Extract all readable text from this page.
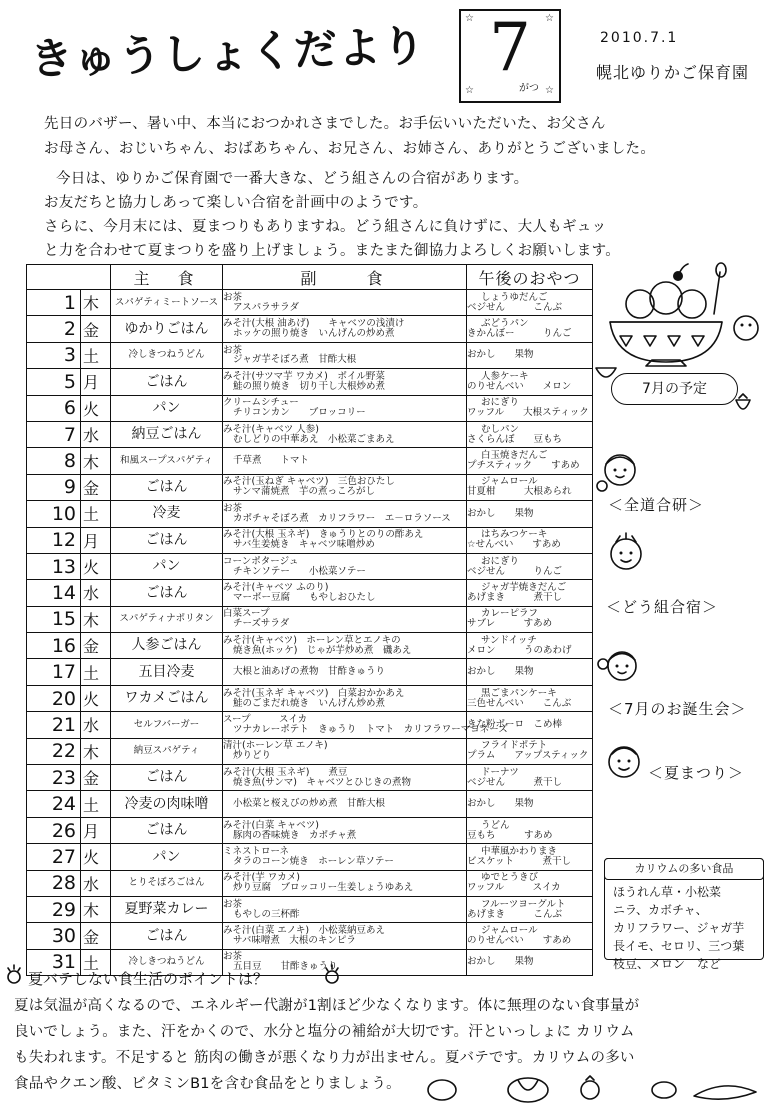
きゅうしょくだより
☆	☆
☆	☆
7
がつ
2010.7.1
幌北ゆりかご保育園
先日のバザー、暑い中、本当におつかれさまでした。お手伝いいただいた、お父さん
お母さん、おじいちゃん、おばあちゃん、お兄さん、お姉さん、ありがとうございました。
今日は、ゆりかご保育園で一番大きな、どう組さんの合宿があります。
お友だちと協力しあって楽しい合宿を計画中のようです。
さらに、今月末には、夏まつりもありますね。どう組さんに負けずに、大人もギュッ
と力を合わせて夏まつりを盛り上げましょう。またまた御協力よろしくお願いします。
		主　食	副　　食	午後のおやつ
1	木	スパゲティミートソース	お茶
アスパラサラダ	しょうゆだんご
ベジせん　　　こんぶ

2	金	ゆかりごはん	みそ汁(大根 油あげ)　　キャベツの浅漬け
ホッケの照り焼き　いんげんの炒め煮	ぶどうパン
きかんぼー　　　りんご

3	土	冷しきつねうどん	お茶
ジャガ芋そぼろ煮　甘酢大根	おかし　　果物

5	月	ごはん	みそ汁(サツマ芋 ワカメ)　ボイル野菜
鮭の照り焼き　切り干し大根炒め煮	人参ケーキ
のりせんべい　　メロン

6	火	パン	クリームシチュー
チリコンカン　　ブロッコリー	おにぎり
ワッフル　　大根スティック

7	水	納豆ごはん	みそ汁(キャベツ 人参)
むしどりの中華あえ　小松菜ごまあえ	むしパン
さくらんぼ　　豆もち

8	木	和風スープスパゲティ	千草煮　　トマト	白玉焼きだんご
プチスティック　　すあめ

9	金	ごはん	みそ汁(玉ねぎ キャベツ)　三色おひたし
サンマ蒲焼煮　芋の煮っころがし	ジャムロール
甘夏柑　　　大根あられ

10	土	冷麦	お茶
カボチャそぼろ煮　カリフラワー　エ－ロラソース	おかし　　果物

12	月	ごはん	みそ汁(大根 玉ネギ)　きゅうりとのりの酢あえ
サバ生姜焼き　キャベツ味噌炒め	はちみつケーキ
☆せんべい　　すあめ

13	火	パン	コーンポタージュ
チキンソテー　　小松菜ソテー	おにぎり
ベジせん　　　りんご

14	水	ごはん	みそ汁(キャベツ ふのり)
マーボー豆腐　　もやしおひたし	ジャガ芋焼きだんご
あげまき　　　煮干し

15	木	スパゲティナポリタン	白菜スープ
チーズサラダ	カレーピラフ
サブレ　　　すあめ

16	金	人参ごはん	みそ汁(キャベツ)　ホーレン草とエノキの
焼き魚(ホッケ)　じゃが芋炒め煮　磯あえ	サンドイッチ
メロン　　　うのあわげ

17	土	五目冷麦	大根と油あげの煮物　甘酢きゅうり	おかし　　果物

20	火	ワカメごはん	みそ汁(玉ネギ キャベツ)　白菜おかかあえ
鮭のごまだれ焼き　いんげん炒め煮	黒ごまパンケーキ
三色せんべい　　こんぶ

21	水	セルフバーガー	スープ　　　スイカ
ツナカレーポテト　きゅうり　トマト　カリフラワーマヨネーズ	きな粉ボーロ　こめ棒

22	木	納豆スパゲティ	清汁(ホーレン草 エノキ)
炒りどり	フライドポテト
プラム　　アップスティック

23	金	ごはん	みそ汁(大根 玉ネギ)　　煮豆
焼き魚(サンマ)　キャベツとひじきの煮物	ドーナツ
ベジせん　　　煮干し

24	土	冷麦の肉味噌	小松菜と桜えびの炒め煮　甘酢大根	おかし　　果物

26	月	ごはん	みそ汁(白菜 キャベツ)
豚肉の香味焼き　カボチャ煮	うどん
豆もち　　　すあめ

27	火	パン	ミネストローネ
タラのコーン焼き　ホーレン草ソテー	中華風かわりまき
ビスケット　　　煮干し

28	水	とりそぼろごはん	みそ汁(芋 ワカメ)
炒り豆腐　ブロッコリー生姜しょうゆあえ	ゆでとうきび
ワッフル　　　スイカ

29	木	夏野菜カレー	お茶
もやしの三杯酢	フルーツヨーグルト
あげまき　　　こんぶ

30	金	ごはん	みそ汁(白菜 エノキ)　小松菜納豆あえ
サバ味噌煮　大根のキンピラ	ジャムロール
のりせんべい　　すあめ

31	土	冷しきつねうどん	お茶
五目豆　　甘酢きゅうり	おかし　　果物
7月の予定
＜全道合研＞
＜どう組合宿＞
＜7月のお誕生会＞
＜夏まつり＞
カリウムの多い食品
ほうれん草・小松菜
ニラ、カボチャ、
カリフラワー、ジャガ芋
長イモ、セロリ、三つ葉
枝豆、メロン　など
夏バテしない食生活のポイントは？
夏は気温が高くなるので、エネルギー代謝が1割ほど少なくなります。体に無理のない食事量が
良いでしょう。また、汗をかくので、水分と塩分の補給が大切です。汗といっしょに カリウム
も失われます。不足すると 筋肉の働きが悪くなり力が出ません。夏バテです。カリウムの多い
食品やクエン酸、ビタミンB1を含む食品をとりましょう。
